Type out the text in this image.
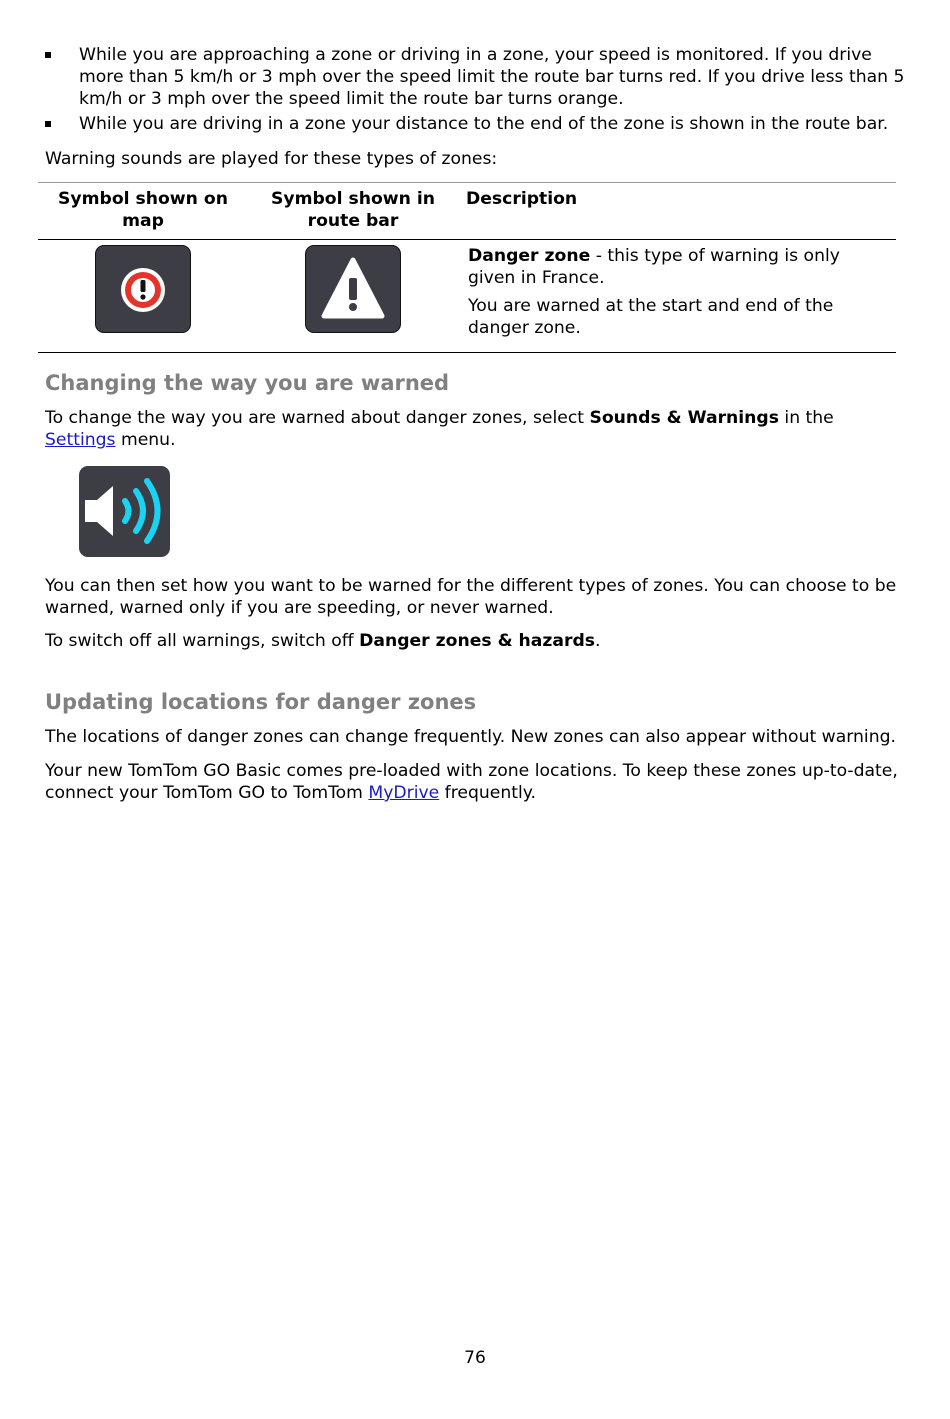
While you are approaching a zone or driving in a zone, your speed is monitored. If you drive more than 5 km/h or 3 mph over the speed limit the route bar turns red. If you drive less than 5 km/h or 3 mph over the speed limit the route bar turns orange.
While you are driving in a zone your distance to the end of the zone is shown in the route bar.

Warning sounds are played for these types of zones:

Symbol shown on map	Symbol shown in route bar	Description

Danger zone - this type of warning is only given in France.

You are warned at the start and end of the danger zone.

Changing the way you are warned

To change the way you are warned about danger zones, select Sounds & Warnings in the Settings menu.

You can then set how you want to be warned for the different types of zones. You can choose to be warned, warned only if you are speeding, or never warned.

To switch off all warnings, switch off Danger zones & hazards.

Updating locations for danger zones

The locations of danger zones can change frequently. New zones can also appear without warning.

Your new TomTom GO Basic comes pre-loaded with zone locations. To keep these zones up-to-date, connect your TomTom GO to TomTom MyDrive frequently.

76
